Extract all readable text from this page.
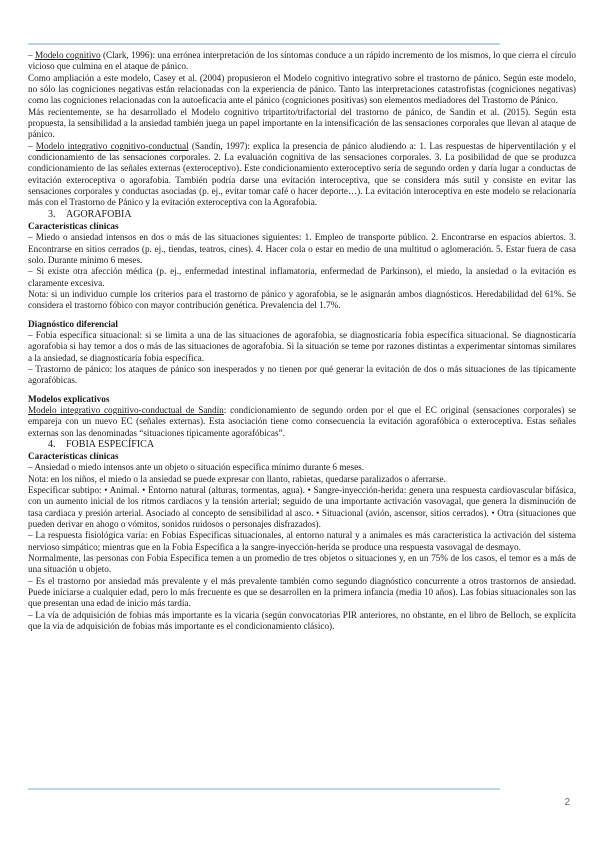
– Modelo cognitivo (Clark, 1996): una errónea interpretación de los síntomas conduce a un rápido incremento de los mismos, lo que cierra el círculo vicioso que culmina en el ataque de pánico.

Como ampliación a este modelo, Casey et al. (2004) propusieron el Modelo cognitivo integrativo sobre el trastorno de pánico. Según este modelo, no sólo las cogniciones negativas están relacionadas con la experiencia de pánico. Tanto las interpretaciones catastrofistas (cogniciones negativas) como las cogniciones relacionadas con la autoeficacia ante el pánico (cogniciones positivas) son elementos mediadores del Trastorno de Pánico.

Más recientemente, se ha desarrollado el Modelo cognitivo tripartito/trifactorial del trastorno de pánico, de Sandin et al. (2015). Según esta propuesta, la sensibilidad a la ansiedad también juega un papel importante en la intensificación de las sensaciones corporales que llevan al ataque de pánico.

– Modelo integrativo cognitivo-conductual (Sandín, 1997): explica la presencia de pánico aludiendo a: 1. Las respuestas de hiperventilación y el condicionamiento de las sensaciones corporales. 2. La evaluación cognitiva de las sensaciones corporales. 3. La posibilidad de que se produzca condicionamiento de las señales externas (exteroceptivo). Este condicionamiento exteroceptivo sería de segundo orden y daría lugar a conductas de evitación exteroceptiva o agorafobia. También podría darse una evitación interoceptiva, que se considera más sutil y consiste en evitar las sensaciones corporales y conductas asociadas (p. ej., evitar tomar café o hacer deporte…). La evitación interoceptiva en este modelo se relacionaría más con el Trastorno de Pánico y la evitación exteroceptiva con la Agorafobia.

3. AGORAFOBIA

Características clínicas

– Miedo o ansiedad intensos en dos o más de las situaciones siguientes: 1. Empleo de transporte público. 2. Encontrarse en espacios abiertos. 3. Encontrarse en sitios cerrados (p. ej., tiendas, teatros, cines). 4. Hacer cola o estar en medio de una multitud o aglomeración. 5. Estar fuera de casa solo. Durante mínimo 6 meses.

– Si existe otra afección médica (p. ej., enfermedad intestinal inflamatoria, enfermedad de Parkinson), el miedo, la ansiedad o la evitación es claramente excesiva.

Nota: si un individuo cumple los criterios para el trastorno de pánico y agorafobia, se le asignarán ambos diagnósticos. Heredabilidad del 61%. Se considera el trastorno fóbico con mayor contribución genética. Prevalencia del 1.7%.

Diagnóstico diferencial

– Fobia específica situacional: si se limita a una de las situaciones de agorafobia, se diagnosticaría fobia específica situacional. Se diagnosticaría agorafobia si hay temor a dos o más de las situaciones de agorafobia. Si la situación se teme por razones distintas a experimentar síntomas similares a la ansiedad, se diagnosticaría fobia específica.

– Trastorno de pánico: los ataques de pánico son inesperados y no tienen por qué generar la evitación de dos o más situaciones de las típicamente agorafóbicas.

Modelos explicativos

Modelo integrativo cognitivo-conductual de Sandín: condicionamiento de segundo orden por el que el EC original (sensaciones corporales) se empareja con un nuevo EC (señales externas). Esta asociación tiene como consecuencia la evitación agorafóbica o exteroceptiva. Estas señales externas son las denominadas “situaciones típicamente agorafóbicas”.

4. FOBIA ESPECÍFICA

Características clínicas

– Ansiedad o miedo intensos ante un objeto o situación específica mínimo durante 6 meses.

Nota: en los niños, el miedo o la ansiedad se puede expresar con llanto, rabietas, quedarse paralizados o aferrarse.

Especificar subtipo: • Animal. • Entorno natural (alturas, tormentas, agua). • Sangre-inyección-herida: genera una respuesta cardiovascular bifásica, con un aumento inicial de los ritmos cardiacos y la tensión arterial; seguido de una importante activación vasovagal, que genera la disminución de tasa cardiaca y presión arterial. Asociado al concepto de sensibilidad al asco. • Situacional (avión, ascensor, sitios cerrados). • Otra (situaciones que pueden derivar en ahogo o vómitos, sonidos ruidosos o personajes disfrazados).

– La respuesta fisiológica varía: en Fobias Específicas situacionales, al entorno natural y a animales es más característica la activación del sistema nervioso simpático; mientras que en la Fobia Específica a la sangre-inyección-herida se produce una respuesta vasovagal de desmayo.

Normalmente, las personas con Fobia Específica temen a un promedio de tres objetos o situaciones y, en un 75% de los casos, el temor es a más de una situación u objeto.

– Es el trastorno por ansiedad más prevalente y el más prevalente también como segundo diagnóstico concurrente a otros trastornos de ansiedad. Puede iniciarse a cualquier edad, pero lo más frecuente es que se desarrollen en la primera infancia (media 10 años). Las fobias situacionales son las que presentan una edad de inicio más tardía.

– La vía de adquisición de fobias más importante es la vicaria (según convocatorias PIR anteriores, no obstante, en el libro de Belloch, se explicita que la vía de adquisición de fobias más importante es el condicionamiento clásico).

2
